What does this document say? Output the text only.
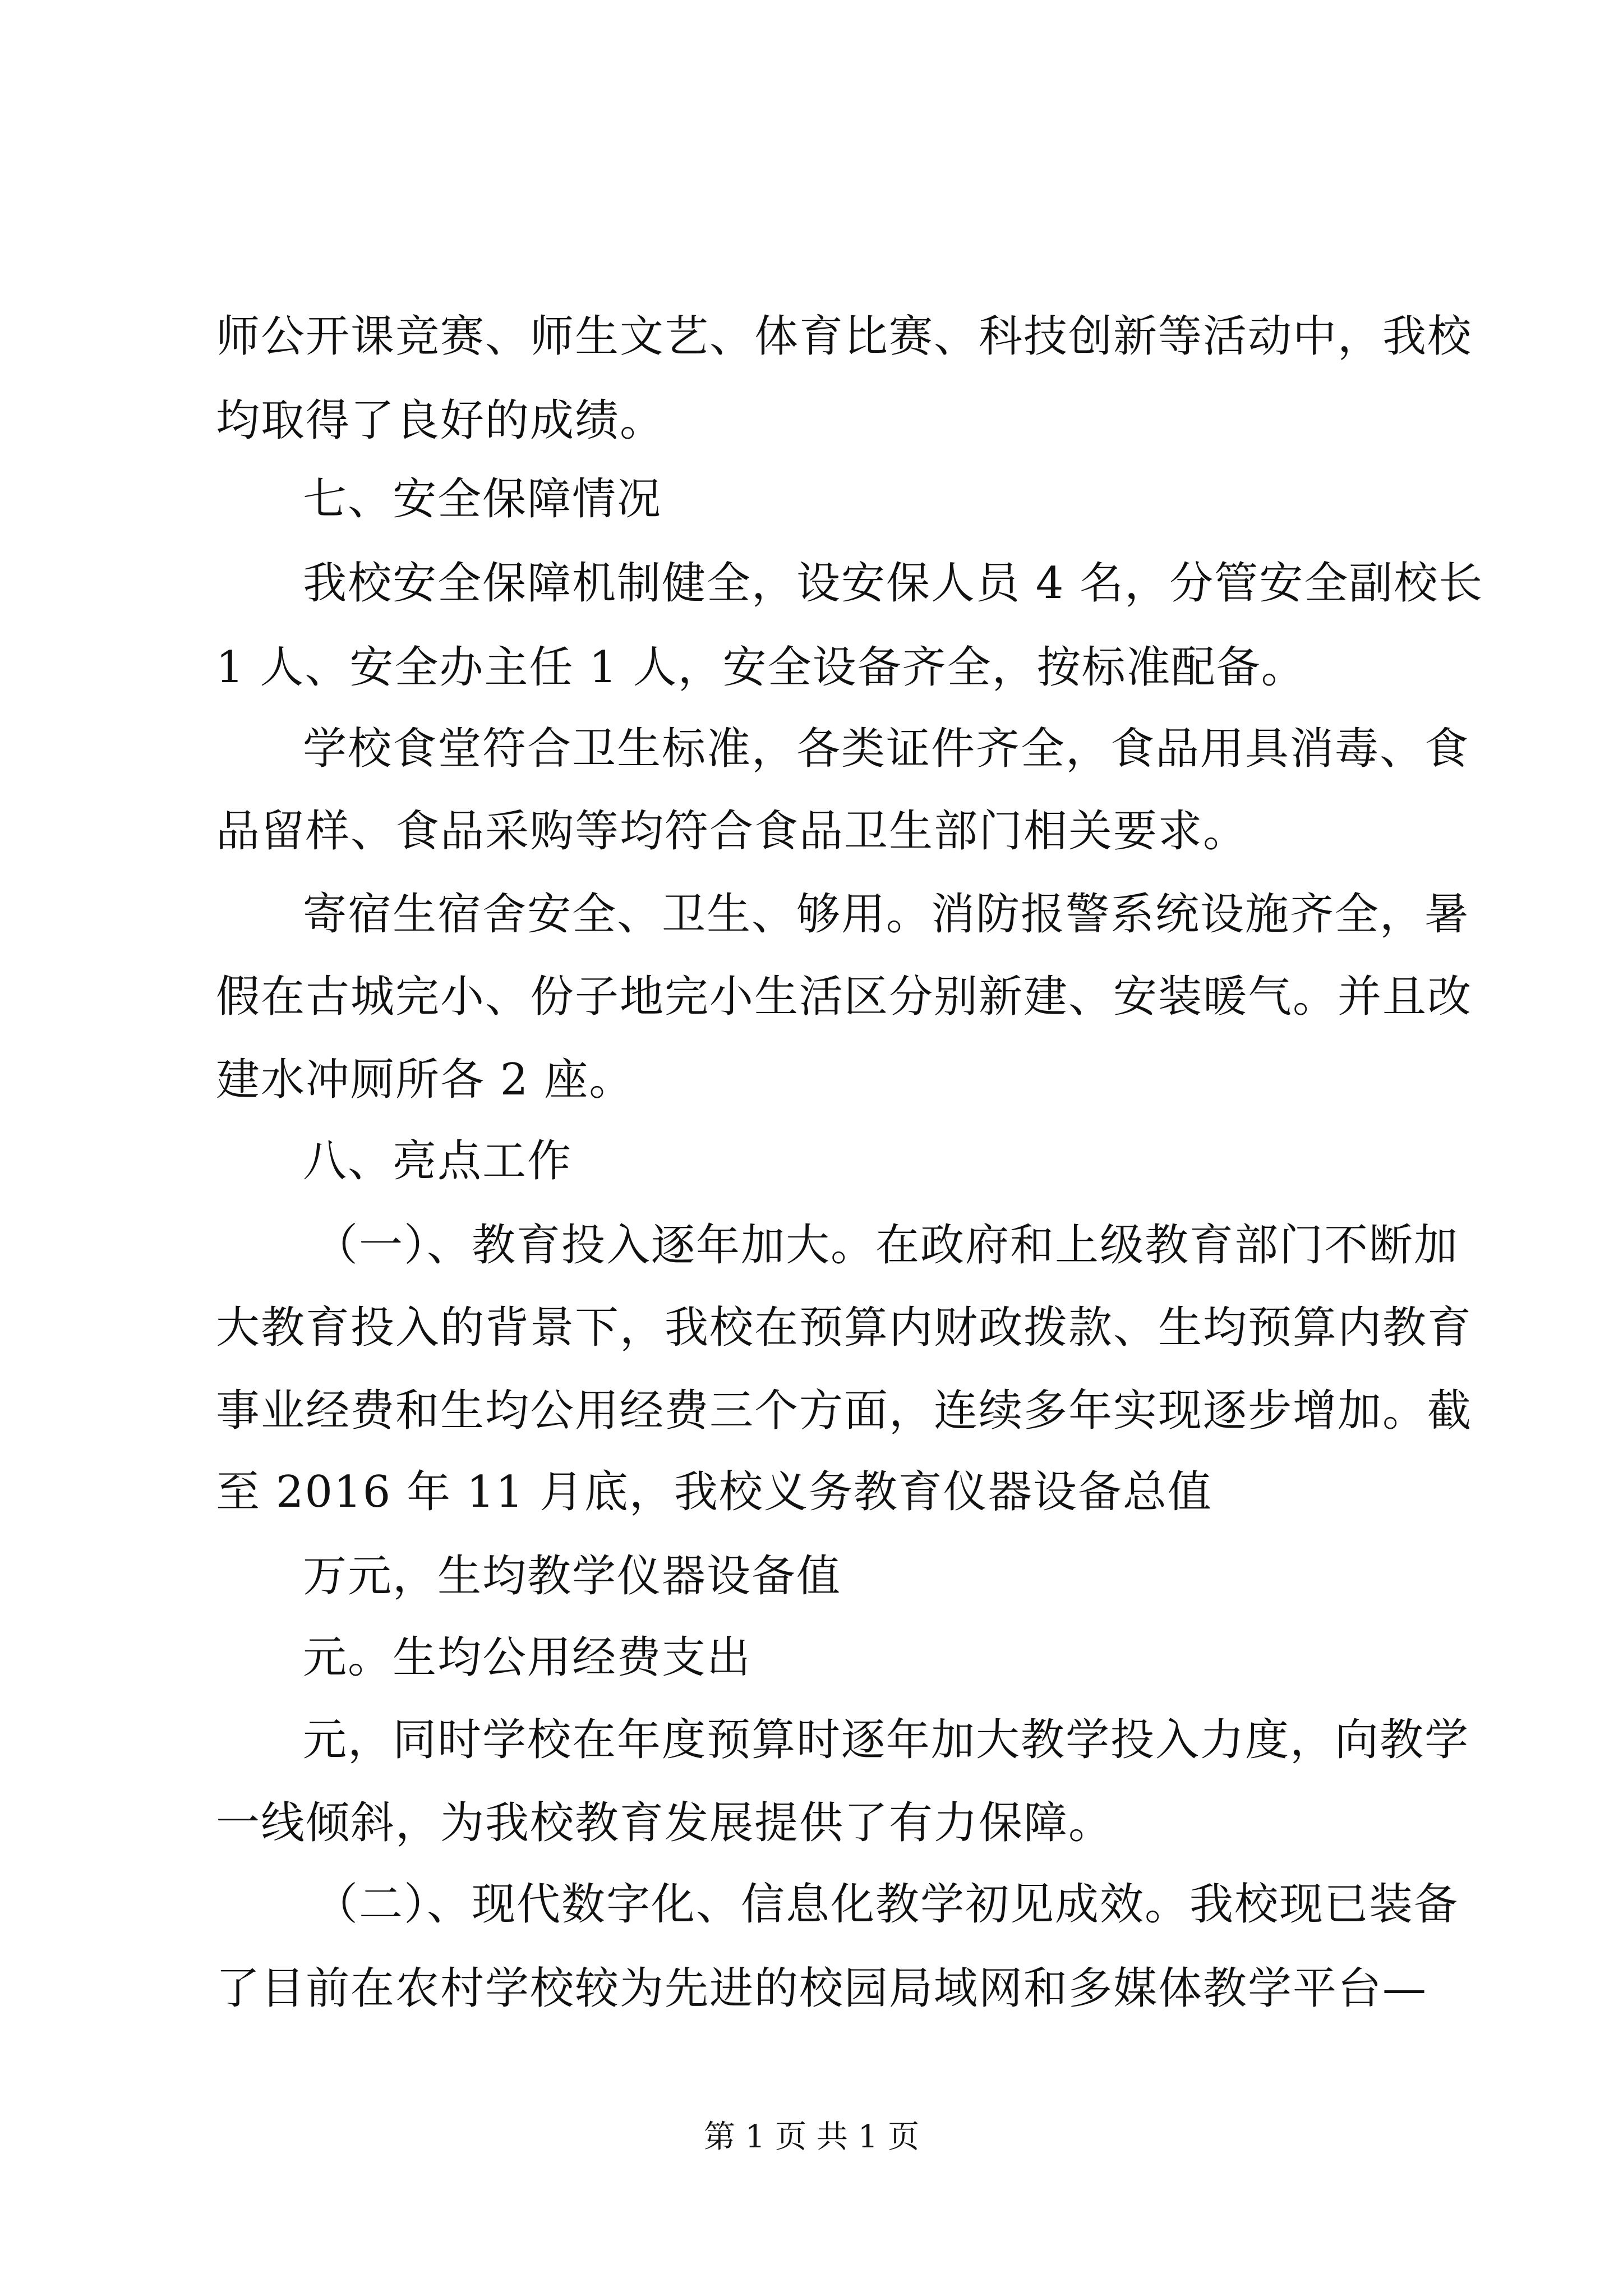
师公开课竞赛、师生文艺、体育比赛、科技创新等活动中，我校
均取得了良好的成绩。
七、安全保障情况
我校安全保障机制健全，设安保人员 4 名，分管安全副校长
1 人、安全办主任 1 人，安全设备齐全，按标准配备。
学校食堂符合卫生标准，各类证件齐全，食品用具消毒、食
品留样、食品采购等均符合食品卫生部门相关要求。
寄宿生宿舍安全、卫生、够用。消防报警系统设施齐全，暑
假在古城完小、份子地完小生活区分别新建、安装暖气。并且改
建水冲厕所各 2 座。
八、亮点工作
（一）、教育投入逐年加大。在政府和上级教育部门不断加
大教育投入的背景下，我校在预算内财政拨款、生均预算内教育
事业经费和生均公用经费三个方面，连续多年实现逐步增加。截
至 2016 年 11 月底，我校义务教育仪器设备总值
万元，生均教学仪器设备值
元。生均公用经费支出
元，同时学校在年度预算时逐年加大教学投入力度，向教学
一线倾斜，为我校教育发展提供了有力保障。
（二）、现代数字化、信息化教学初见成效。我校现已装备
了目前在农村学校较为先进的校园局域网和多媒体教学平台—
第 1 页 共 1 页
